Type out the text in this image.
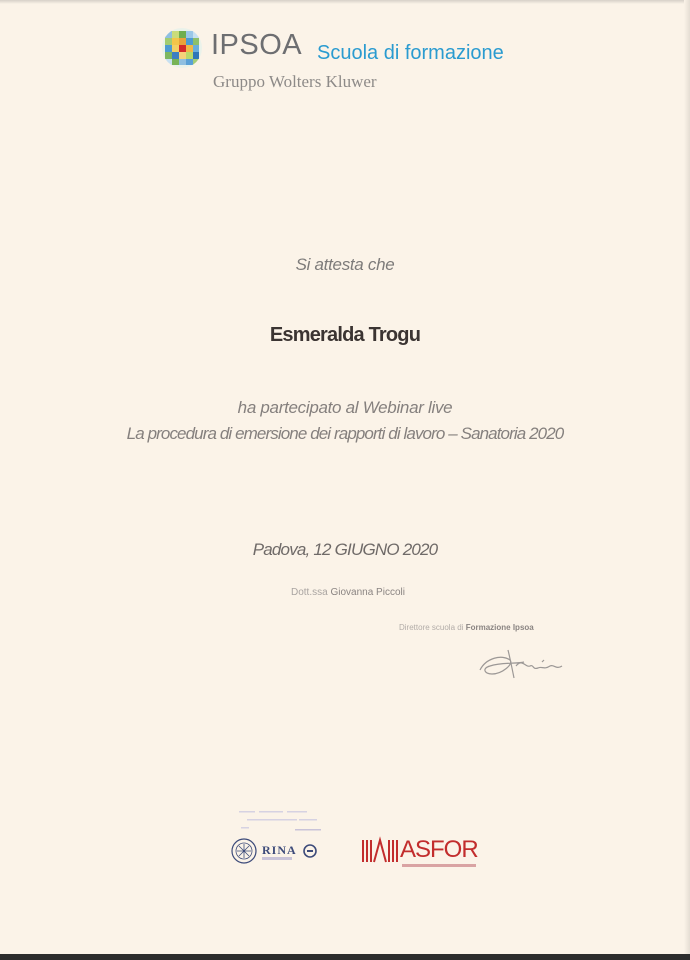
IPSOA Scuola di formazione
Gruppo Wolters Kluwer
Si attesta che
Esmeralda Trogu
ha partecipato al Webinar live
La procedura di emersione dei rapporti di lavoro – Sanatoria 2020
Padova, 12 GIUGNO 2020
Dott.ssa Giovanna Piccoli
Direttore scuola di Formazione Ipsoa
RINA	ASFOR
